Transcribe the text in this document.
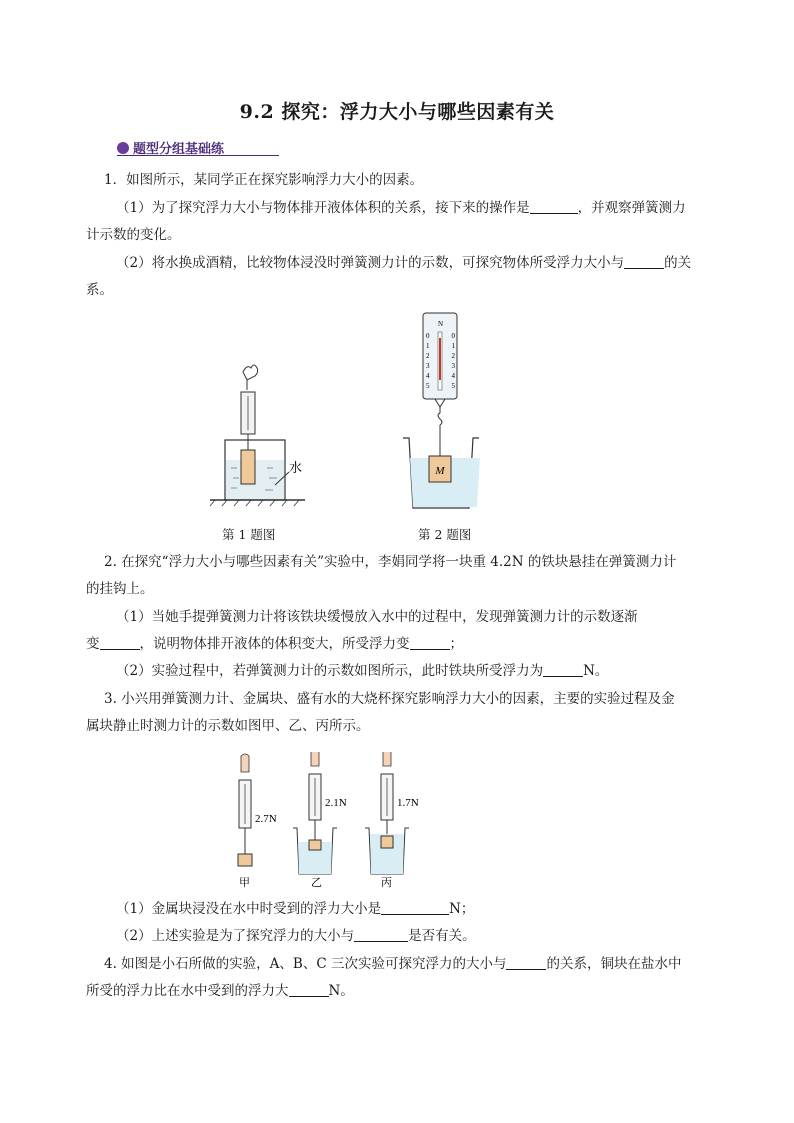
9.2 探究：浮力大小与哪些因素有关
题型分组基础练
1．如图所示，某同学正在探究影响浮力大小的因素。
（1）为了探究浮力大小与物体排开液体体积的关系，接下来的操作是	，并观察弹簧测力
计示数的变化。
（2）将水换成酒精，比较物体浸没时弹簧测力计的示数，可探究物体所受浮力大小与	的关
系。
水
第 1 题图
N
0
1
2
3
4
5
0
1
2
3
4
5
M
第 2 题图
2. 在探究“浮力大小与哪些因素有关”实验中，李娟同学将一块重 4.2N 的铁块悬挂在弹簧测力计
的挂钩上。
（1）当她手提弹簧测力计将该铁块缓慢放入水中的过程中，发现弹簧测力计的示数逐渐
变	，说明物体排开液体的体积变大，所受浮力变	；
（2）实验过程中，若弹簧测力计的示数如图所示，此时铁块所受浮力为	N。
3. 小兴用弹簧测力计、金属块、盛有水的大烧杯探究影响浮力大小的因素，主要的实验过程及金
属块静止时测力计的示数如图甲、乙、丙所示。
2.7N
甲
2.1N
乙
1.7N
丙
（1）金属块浸没在水中时受到的浮力大小是	N；
（2）上述实验是为了探究浮力的大小与	是否有关。
4. 如图是小石所做的实验，A、B、C 三次实验可探究浮力的大小与	的关系，铜块在盐水中
所受的浮力比在水中受到的浮力大	N。
